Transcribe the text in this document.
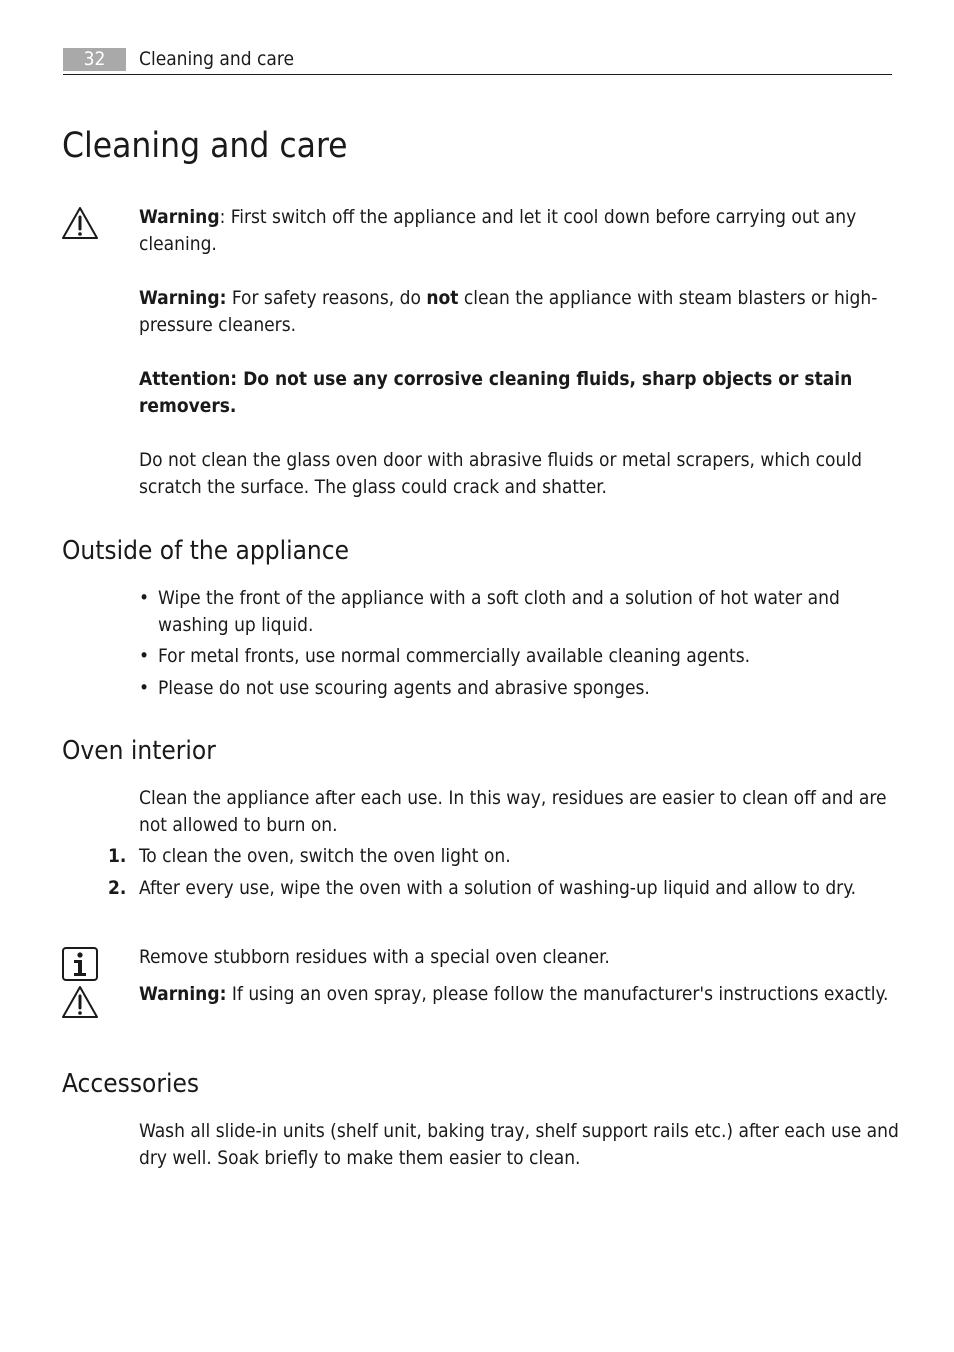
32	Cleaning and care
Cleaning and care

Warning: First switch off the appliance and let it cool down before carrying out any cleaning.

Warning: For safety reasons, do not clean the appliance with steam blasters or high-pressure cleaners.

Attention: Do not use any corrosive cleaning fluids, sharp objects or stain removers.

Do not clean the glass oven door with abrasive fluids or metal scrapers, which could scratch the surface. The glass could crack and shatter.

Outside of the appliance
• Wipe the front of the appliance with a soft cloth and a solution of hot water and washing up liquid.
• For metal fronts, use normal commercially available cleaning agents.
• Please do not use scouring agents and abrasive sponges.
Oven interior

Clean the appliance after each use. In this way, residues are easier to clean off and are not allowed to burn on.

1. To clean the oven, switch the oven light on.

2. After every use, wipe the oven with a solution of washing-up liquid and allow to dry.

Remove stubborn residues with a special oven cleaner.

Warning: If using an oven spray, please follow the manufacturer's instructions exactly.

Accessories

Wash all slide-in units (shelf unit, baking tray, shelf support rails etc.) after each use and dry well. Soak briefly to make them easier to clean.
